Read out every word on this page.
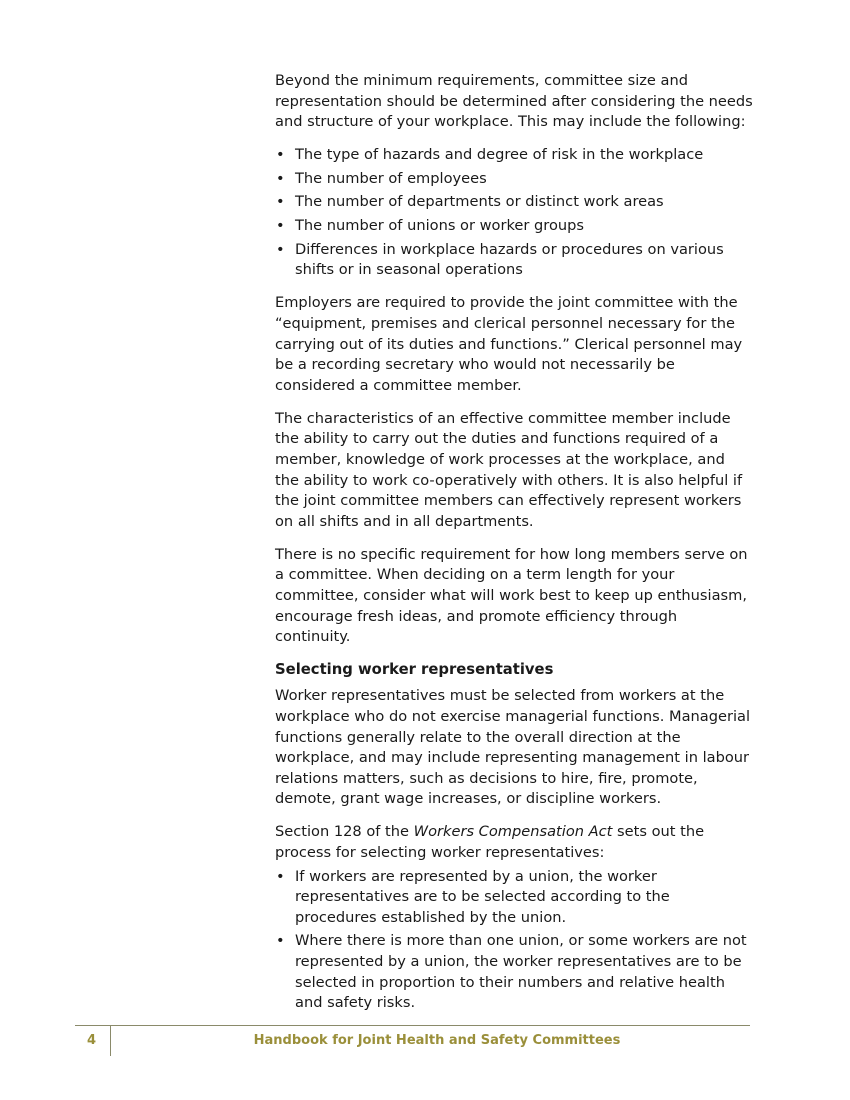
Beyond the minimum requirements, committee size and representation should be determined after considering the needs and structure of your workplace. This may include the following:

• The type of hazards and degree of risk in the workplace
• The number of employees
• The number of departments or distinct work areas
• The number of unions or worker groups
• Differences in workplace hazards or procedures on various shifts or in seasonal operations

Employers are required to provide the joint committee with the “equipment, premises and clerical personnel necessary for the carrying out of its duties and functions.” Clerical personnel may be a recording secretary who would not necessarily be considered a committee member.

The characteristics of an effective committee member include the ability to carry out the duties and functions required of a member, knowledge of work processes at the workplace, and the ability to work co-operatively with others. It is also helpful if the joint committee members can effectively represent workers on all shifts and in all departments.

There is no specific requirement for how long members serve on a committee. When deciding on a term length for your committee, consider what will work best to keep up enthusiasm, encourage fresh ideas, and promote efficiency through continuity.

Selecting worker representatives

Worker representatives must be selected from workers at the workplace who do not exercise managerial functions. Managerial functions generally relate to the overall direction at the workplace, and may include representing management in labour relations matters, such as decisions to hire, fire, promote, demote, grant wage increases, or discipline workers.

Section 128 of the Workers Compensation Act sets out the process for selecting worker representatives:

• If workers are represented by a union, the worker representatives are to be selected according to the procedures established by the union.
• Where there is more than one union, or some workers are not represented by a union, the worker representatives are to be selected in proportion to their numbers and relative health and safety risks.
4	Handbook for Joint Health and Safety Committees
